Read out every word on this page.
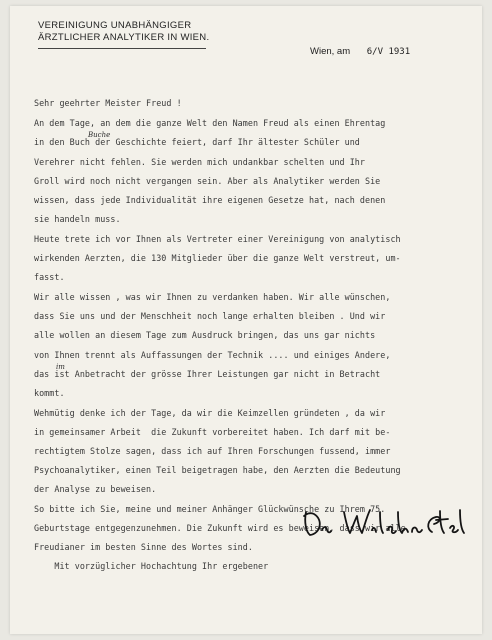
VEREINIGUNG UNABHÄNGIGER
ÄRZTLICHER ANALYTIKER IN WIEN.
Wien, am 6/V 1931
Sehr geehrter Meister Freud !
An dem Tage, an dem die ganze Welt den Namen Freud als einen Ehrentag
Buche
in den Buch der Geschichte feiert, darf Ihr ältester Schüler und
Verehrer nicht fehlen. Sie werden mich undankbar schelten und Ihr
Groll wird noch nicht vergangen sein. Aber als Analytiker werden Sie
wissen, dass jede Individualität ihre eigenen Gesetze hat, nach denen
sie handeln muss.
Heute trete ich vor Ihnen als Vertreter einer Vereinigung von analytisch
wirkenden Aerzten, die 130 Mitglieder über die ganze Welt verstreut, um-
fasst.
Wir alle wissen , was wir Ihnen zu verdanken haben. Wir alle wünschen,
dass Sie uns und der Menschheit noch lange erhalten bleiben . Und wir
alle wollen an diesem Tage zum Ausdruck bringen, das uns gar nichts
von Ihnen trennt als Auffassungen der Technik .... und einiges Andere,
im
das ist Anbetracht der grösse Ihrer Leistungen gar nicht in Betracht
kommt.
Wehmütig denke ich der Tage, da wir die Keimzellen gründeten , da wir
in gemeinsamer Arbeit  die Zukunft vorbereitet haben. Ich darf mit be-
rechtigtem Stolze sagen, dass ich auf Ihren Forschungen fussend, immer
Psychoanalytiker, einen Teil beigetragen habe, den Aerzten die Bedeutung
der Analyse zu beweisen.
So bitte ich Sie, meine und meiner Anhänger Glückwünsche zu Ihrem 75.
Geburtstage entgegenzunehmen. Die Zukunft wird es beweisen, dass wir alle
Freudianer im besten Sinne des Wortes sind.
Mit vorzüglicher Hochachtung Ihr ergebener
